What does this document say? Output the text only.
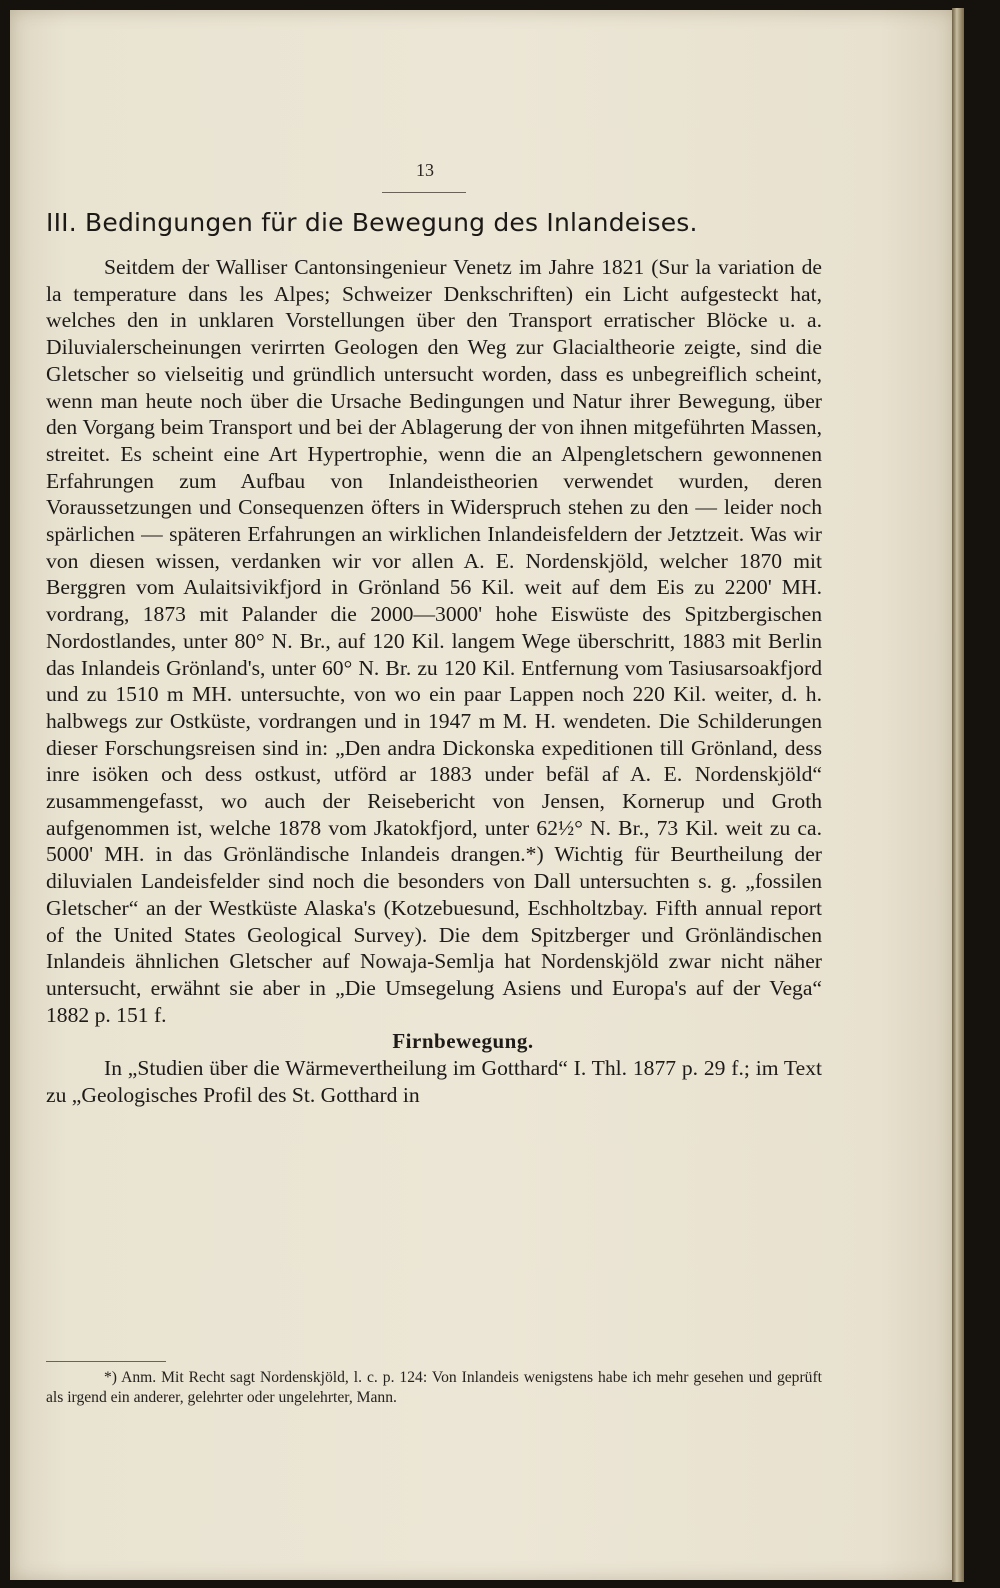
13
III. Bedingungen für die Bewegung des Inlandeises.

Seitdem der Walliser Cantonsingenieur Venetz im Jahre 1821 (Sur la variation de la temperature dans les Alpes; Schweizer Denkschriften) ein Licht aufgesteckt hat, welches den in unklaren Vorstellungen über den Transport erratischer Blöcke u. a. Diluvialerscheinungen verirrten Geologen den Weg zur Glacialtheorie zeigte, sind die Gletscher so vielseitig und gründlich untersucht worden, dass es unbegreiflich scheint, wenn man heute noch über die Ursache Bedingungen und Natur ihrer Bewegung, über den Vorgang beim Transport und bei der Ablagerung der von ihnen mitgeführten Massen, streitet. Es scheint eine Art Hypertrophie, wenn die an Alpengletschern gewonnenen Erfahrungen zum Aufbau von Inlandeistheorien verwendet wurden, deren Voraussetzungen und Consequenzen öfters in Widerspruch stehen zu den — leider noch spärlichen — späteren Erfahrungen an wirklichen Inlandeisfeldern der Jetztzeit. Was wir von diesen wissen, verdanken wir vor allen A. E. Nordenskjöld, welcher 1870 mit Berggren vom Aulaitsivikfjord in Grönland 56 Kil. weit auf dem Eis zu 2200' MH. vordrang, 1873 mit Palander die 2000—3000' hohe Eiswüste des Spitzbergischen Nordostlandes, unter 80° N. Br., auf 120 Kil. langem Wege überschritt, 1883 mit Berlin das Inlandeis Grönland's, unter 60° N. Br. zu 120 Kil. Entfernung vom Tasiusarsoakfjord und zu 1510 m MH. untersuchte, von wo ein paar Lappen noch 220 Kil. weiter, d. h. halbwegs zur Ostküste, vordrangen und in 1947 m M. H. wendeten. Die Schilderungen dieser Forschungsreisen sind in: „Den andra Dickonska expeditionen till Grönland, dess inre isöken och dess ostkust, utförd ar 1883 under befäl af A. E. Nordenskjöld“ zusammengefasst, wo auch der Reisebericht von Jensen, Kornerup und Groth aufgenommen ist, welche 1878 vom Jkatokfjord, unter 62½° N. Br., 73 Kil. weit zu ca. 5000' MH. in das Grönländische Inlandeis drangen.*) Wichtig für Beurtheilung der diluvialen Landeisfelder sind noch die besonders von Dall untersuchten s. g. „fossilen Gletscher“ an der Westküste Alaska's (Kotzebuesund, Eschholtzbay. Fifth annual report of the United States Geological Survey). Die dem Spitzberger und Grönländischen Inlandeis ähnlichen Gletscher auf Nowaja-Semlja hat Nordenskjöld zwar nicht näher untersucht, erwähnt sie aber in „Die Umsegelung Asiens und Europa's auf der Vega“ 1882 p. 151 f.

Firnbewegung.

In „Studien über die Wärmevertheilung im Gotthard“ I. Thl. 1877 p. 29 f.; im Text zu „Geologisches Profil des St. Gotthard in

*) Anm. Mit Recht sagt Nordenskjöld, l. c. p. 124: Von Inlandeis wenigstens habe ich mehr gesehen und geprüft als irgend ein anderer, gelehrter oder ungelehrter, Mann.
